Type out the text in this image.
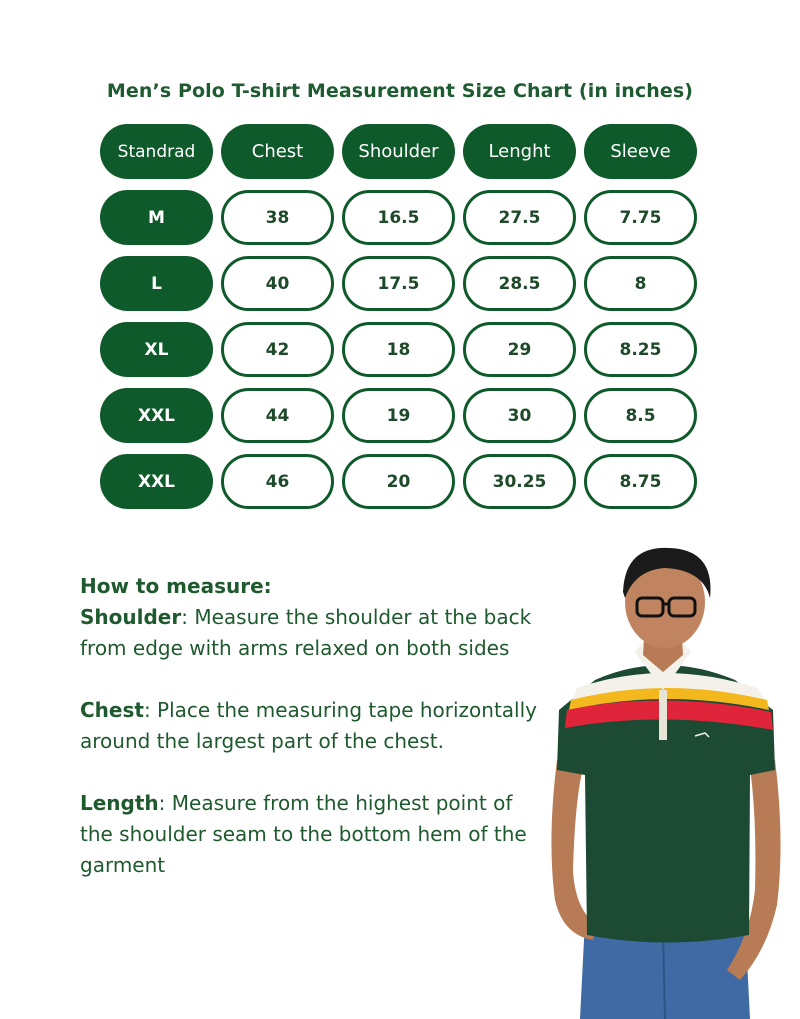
Men’s Polo T-shirt Measurement Size Chart (in inches)
Standrad	Chest	Shoulder	Lenght	Sleeve
M	38	16.5	27.5	7.75
L	40	17.5	28.5	8
XL	42	18	29	8.25
XXL	44	19	30	8.5
XXL	46	20	30.25	8.75

How to measure:

Shoulder: Measure the shoulder at the back from edge with arms relaxed on both sides

Chest: Place the measuring tape horizontally around the largest part of the chest.

Length: Measure from the highest point of the shoulder seam to the bottom hem of the garment
